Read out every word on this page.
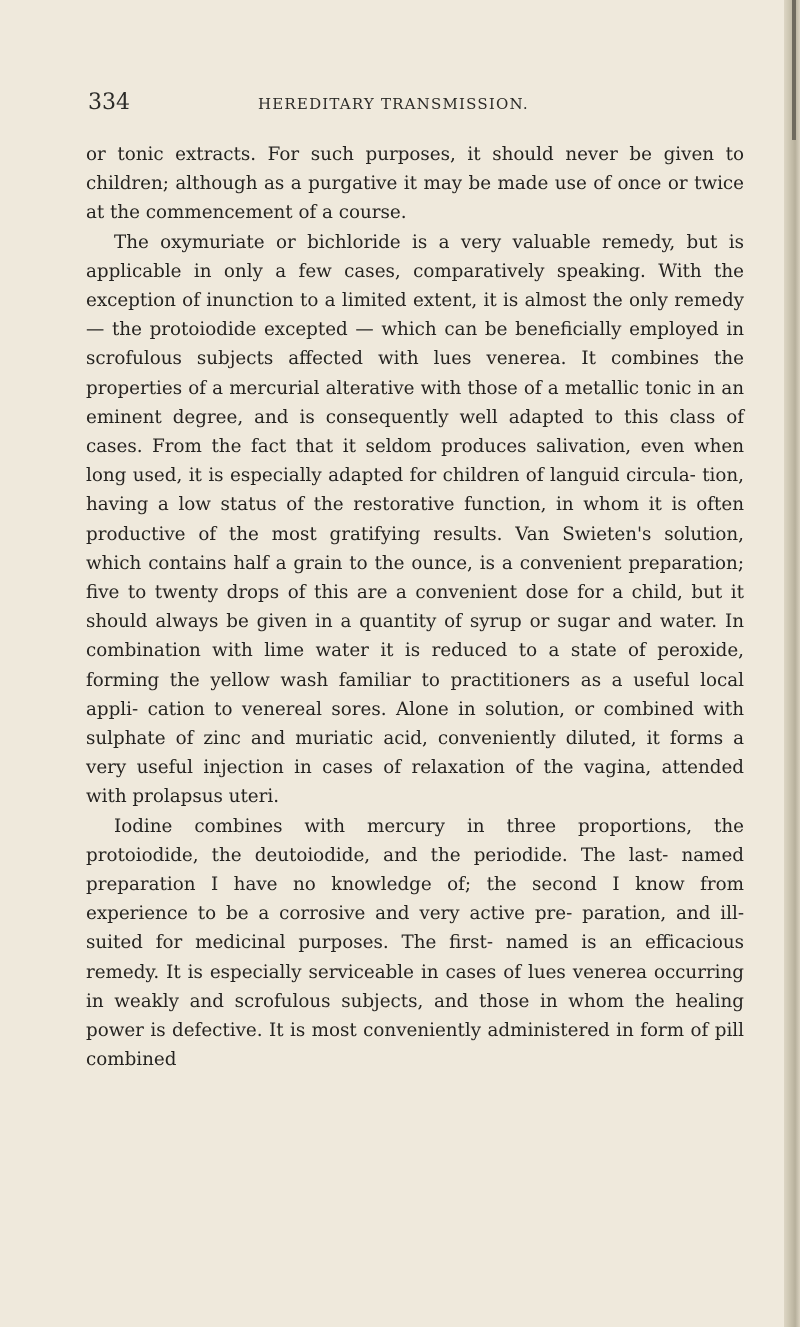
334	HEREDITARY TRANSMISSION.

or tonic extracts. For such purposes, it should never be given to children; although as a purgative it may be made use of once or twice at the commencement of a course.

The oxymuriate or bichloride is a very valuable remedy, but is applicable in only a few cases, comparatively speaking. With the exception of inunction to a limited extent, it is almost the only remedy — the protoiodide excepted — which can be beneficially employed in scrofulous subjects affected with lues venerea. It combines the properties of a mercurial alterative with those of a metallic tonic in an eminent degree, and is consequently well adapted to this class of cases. From the fact that it seldom produces salivation, even when long used, it is especially adapted for children of languid circula- tion, having a low status of the restorative function, in whom it is often productive of the most gratifying results. Van Swieten's solution, which contains half a grain to the ounce, is a convenient preparation; five to twenty drops of this are a convenient dose for a child, but it should always be given in a quantity of syrup or sugar and water. In combination with lime water it is reduced to a state of peroxide, forming the yellow wash familiar to practitioners as a useful local appli- cation to venereal sores. Alone in solution, or combined with sulphate of zinc and muriatic acid, conveniently diluted, it forms a very useful injection in cases of relaxation of the vagina, attended with prolapsus uteri.

Iodine combines with mercury in three proportions, the protoiodide, the deutoiodide, and the periodide. The last- named preparation I have no knowledge of; the second I know from experience to be a corrosive and very active pre- paration, and ill-suited for medicinal purposes. The first- named is an efficacious remedy. It is especially serviceable in cases of lues venerea occurring in weakly and scrofulous subjects, and those in whom the healing power is defective. It is most conveniently administered in form of pill combined
